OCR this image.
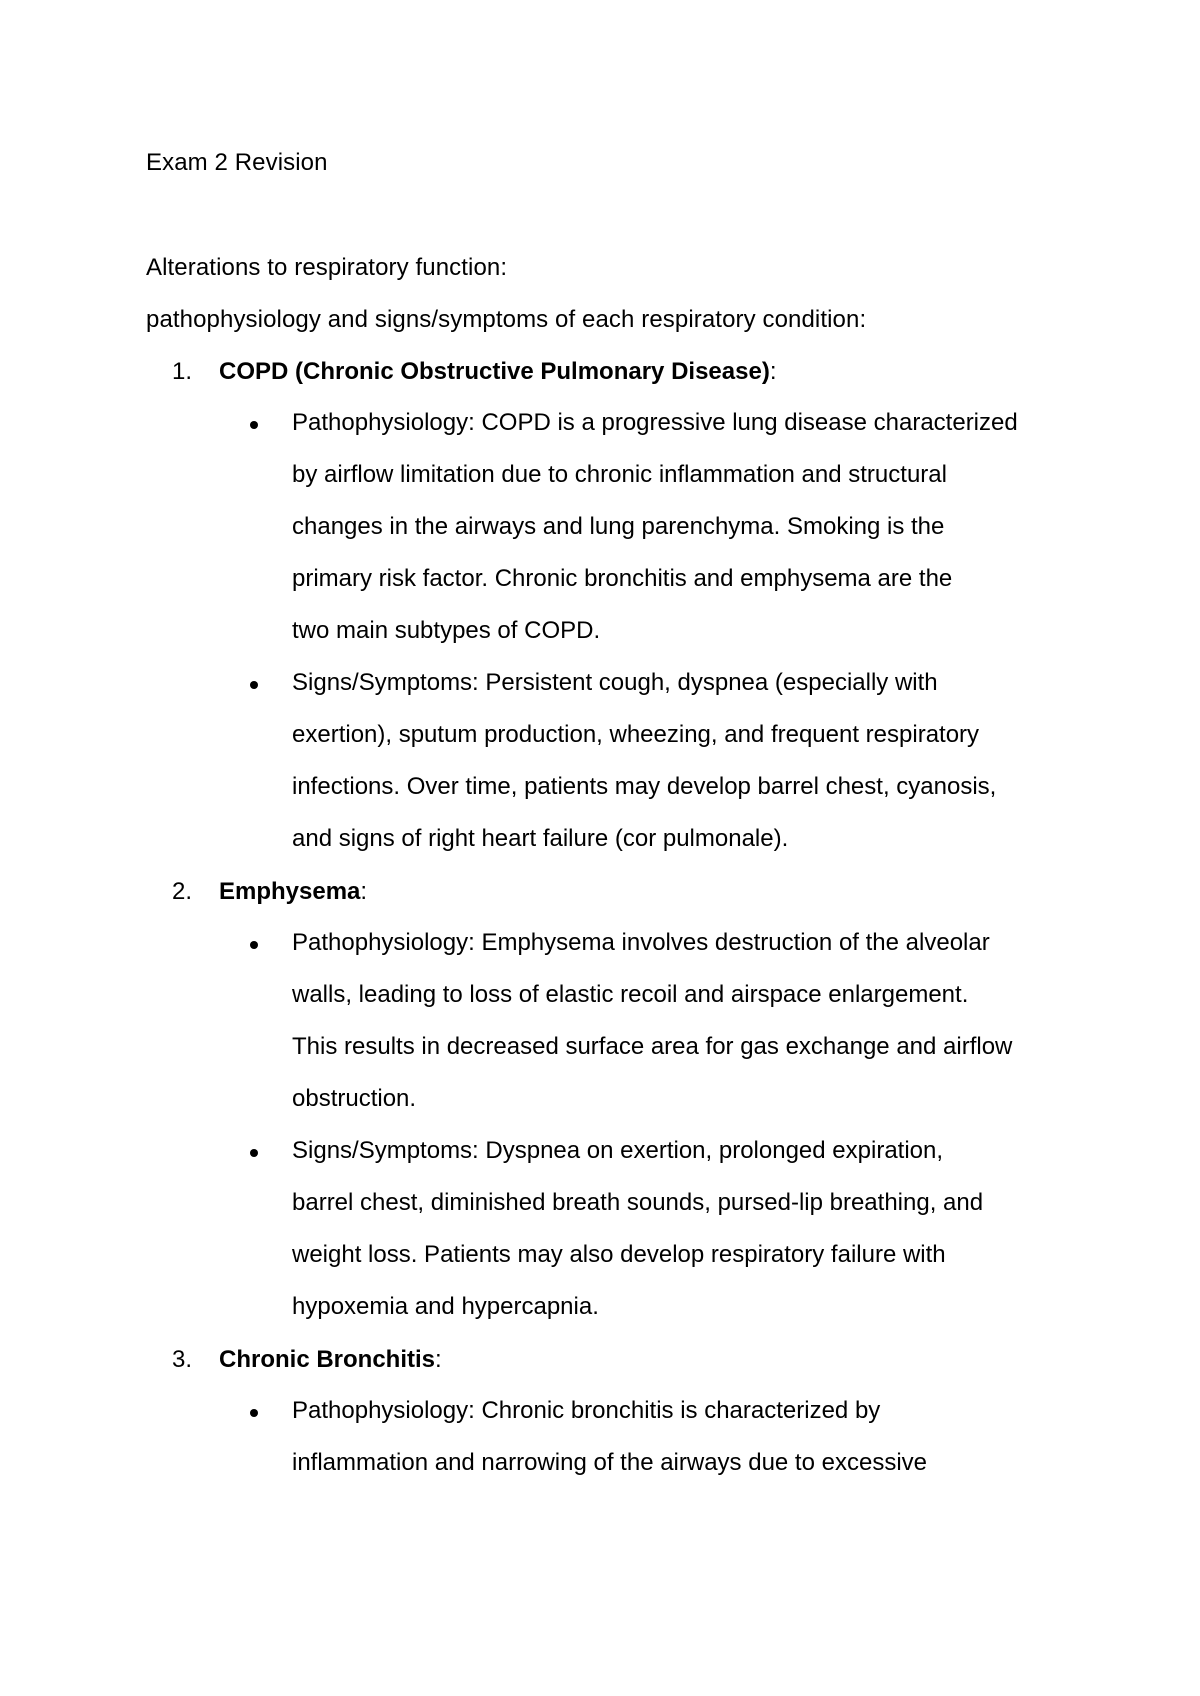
Exam 2 Revision
Alterations to respiratory function:
pathophysiology and signs/symptoms of each respiratory condition:
1. COPD (Chronic Obstructive Pulmonary Disease):
Pathophysiology: COPD is a progressive lung disease characterized
by airflow limitation due to chronic inflammation and structural
changes in the airways and lung parenchyma. Smoking is the
primary risk factor. Chronic bronchitis and emphysema are the
two main subtypes of COPD.
Signs/Symptoms: Persistent cough, dyspnea (especially with
exertion), sputum production, wheezing, and frequent respiratory
infections. Over time, patients may develop barrel chest, cyanosis,
and signs of right heart failure (cor pulmonale).
2. Emphysema:
Pathophysiology: Emphysema involves destruction of the alveolar
walls, leading to loss of elastic recoil and airspace enlargement.
This results in decreased surface area for gas exchange and airflow
obstruction.
Signs/Symptoms: Dyspnea on exertion, prolonged expiration,
barrel chest, diminished breath sounds, pursed-lip breathing, and
weight loss. Patients may also develop respiratory failure with
hypoxemia and hypercapnia.
3. Chronic Bronchitis:
Pathophysiology: Chronic bronchitis is characterized by
inflammation and narrowing of the airways due to excessive
